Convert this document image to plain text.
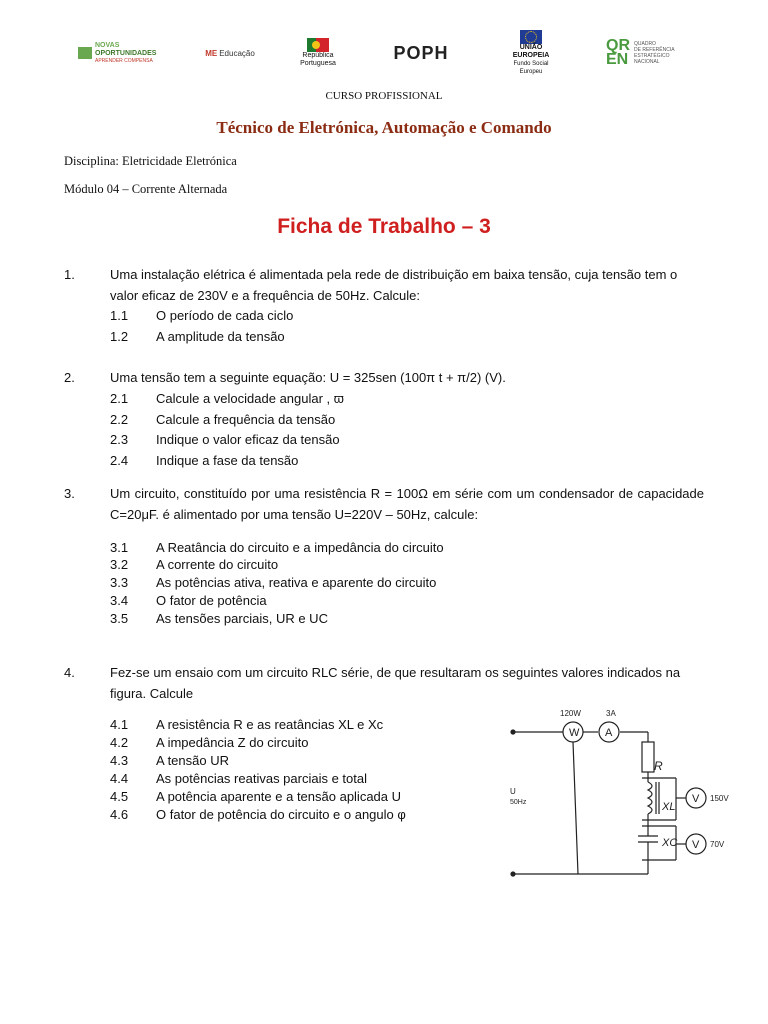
NOVAS
OPORTUNIDADES
APRENDER COMPENSA
ME Educação	República
Portuguesa
POPH	UNIÃO EUROPEIA
Fundo Social Europeu
QREN
QUADRO
DE REFERÊNCIA
ESTRATÉGICO
NACIONAL
CURSO PROFISSIONAL
Técnico de Eletrónica, Automação e Comando
Disciplina: Eletricidade Eletrónica
Módulo 04 – Corrente Alternada
Ficha de Trabalho – 3
1.	Uma instalação elétrica é alimentada pela rede de distribuição em baixa tensão, cuja tensão tem o valor eficaz de 230V e a frequência de 50Hz. Calcule:
1.1 O período de cada ciclo
1.2 A amplitude da tensão
2.	Uma tensão tem a seguinte equação: U = 325sen (100π t + π/2) (V).
2.1 Calcule a velocidade angular , ϖ
2.2 Calcule a frequência da tensão
2.3 Indique o valor eficaz da tensão
2.4 Indique a fase da tensão
3.	Um circuito, constituído por uma resistência R = 100Ω em série com um condensador de capacidade C=20μF. é alimentado por uma tensão U=220V – 50Hz, calcule:
3.1 A Reatância do circuito e a impedância do circuito
3.2 A corrente do circuito
3.3 As potências ativa, reativa e aparente do circuito
3.4 O fator de potência
3.5 As tensões parciais, UR e UC
4.	Fez-se um ensaio com um circuito RLC série, de que resultaram os seguintes valores indicados na figura. Calcule
4.1 A resistência R e as reatâncias XL e Xc
4.2 A impedância Z do circuito
4.3 A tensão UR
4.4 As potências reativas parciais e total
4.5 A potência aparente e a tensão aplicada U
4.6 O fator de potência do circuito e o angulo φ
120W
W
3A
A
R
XL
XC
V
V
150V
70V
U
50Hz
